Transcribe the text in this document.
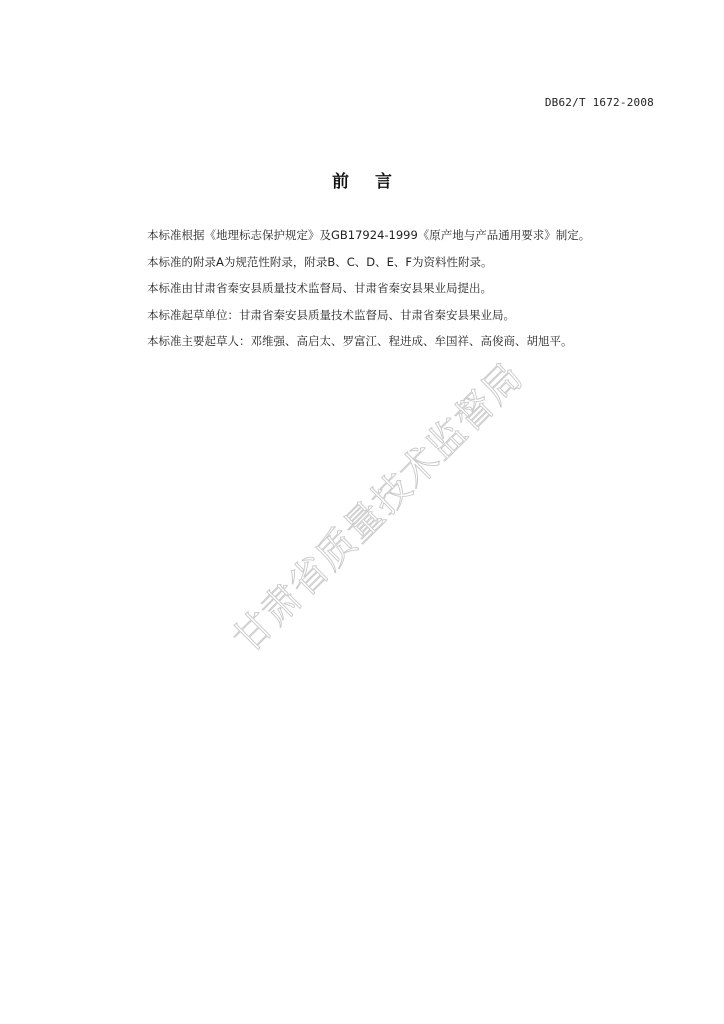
DB62/T 1672-2008
前 言
本标准根据《地理标志保护规定》及GB17924-1999《原产地与产品通用要求》制定。
本标准的附录A为规范性附录，附录B、C、D、E、F为资料性附录。
本标准由甘肃省秦安县质量技术监督局、甘肃省秦安县果业局提出。
本标准起草单位：甘肃省秦安县质量技术监督局、甘肃省秦安县果业局。
本标准主要起草人：邓维强、高启太、罗富江、程进成、牟国祥、高俊商、胡旭平。
甘肃省质量技术监督局
